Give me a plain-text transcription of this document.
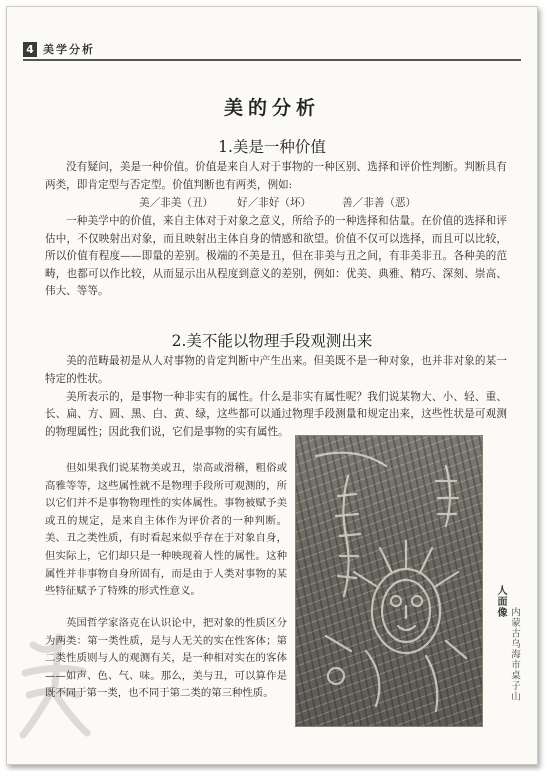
4 美学分析
美的分析
1.美是一种价值
没有疑问，美是一种价值。价值是来自人对于事物的一种区别、选择和评价性判断。判断具有两类，即肯定型与否定型。价值判断也有两类，例如:
美／非美（丑） 好／非好（坏）	善／非善（恶）
一种美学中的价值，来自主体对于对象之意义，所给予的一种选择和估量。在价值的选择和评估中，不仅映射出对象，而且映射出主体自身的情感和欲望。价值不仅可以选择，而且可以比较，所以价值有程度——即量的差别。极端的不美是丑，但在非美与丑之间，有非美非丑。各种美的范畴，也都可以作比较，从而显示出从程度到意义的差别，例如：优美、典雅、精巧、深刻、崇高、伟大、等等。
2.美不能以物理手段观测出来
美的范畴最初是从人对事物的肯定判断中产生出来。但美既不是一种对象，也并非对象的某一特定的性状。
美所表示的，是事物一种非实有的属性。什么是非实有属性呢？我们说某物大、小、轻、重、长、扁、方、圆、黑、白、黄、绿，这些都可以通过物理手段测量和规定出来，这些性状是可观测的物理属性；因此我们说，它们是事物的实有属性。
但如果我们说某物美或丑，崇高或滑稽，粗俗或高雅等等，这些属性就不是物理手段所可观测的，所以它们并不是事物物理性的实体属性。事物被赋予美或丑的规定，是来自主体作为评价者的一种判断。美、丑之类性质，有时看起来似乎存在于对象自身，但实际上，它们却只是一种映现着人性的属性。这种属性并非事物自身所固有，而是由于人类对事物的某些特征赋予了特殊的形式性意义。
英国哲学家洛克在认识论中，把对象的性质区分为两类：第一类性质，是与人无关的实在性客体；第二类性质则与人的观测有关，是一种相对实在的客体——如声、色、气、味。那么，美与丑，可以算作是既不同于第一类，也不同于第二类的第三种性质。
人面像
内蒙古乌海市桌子山
